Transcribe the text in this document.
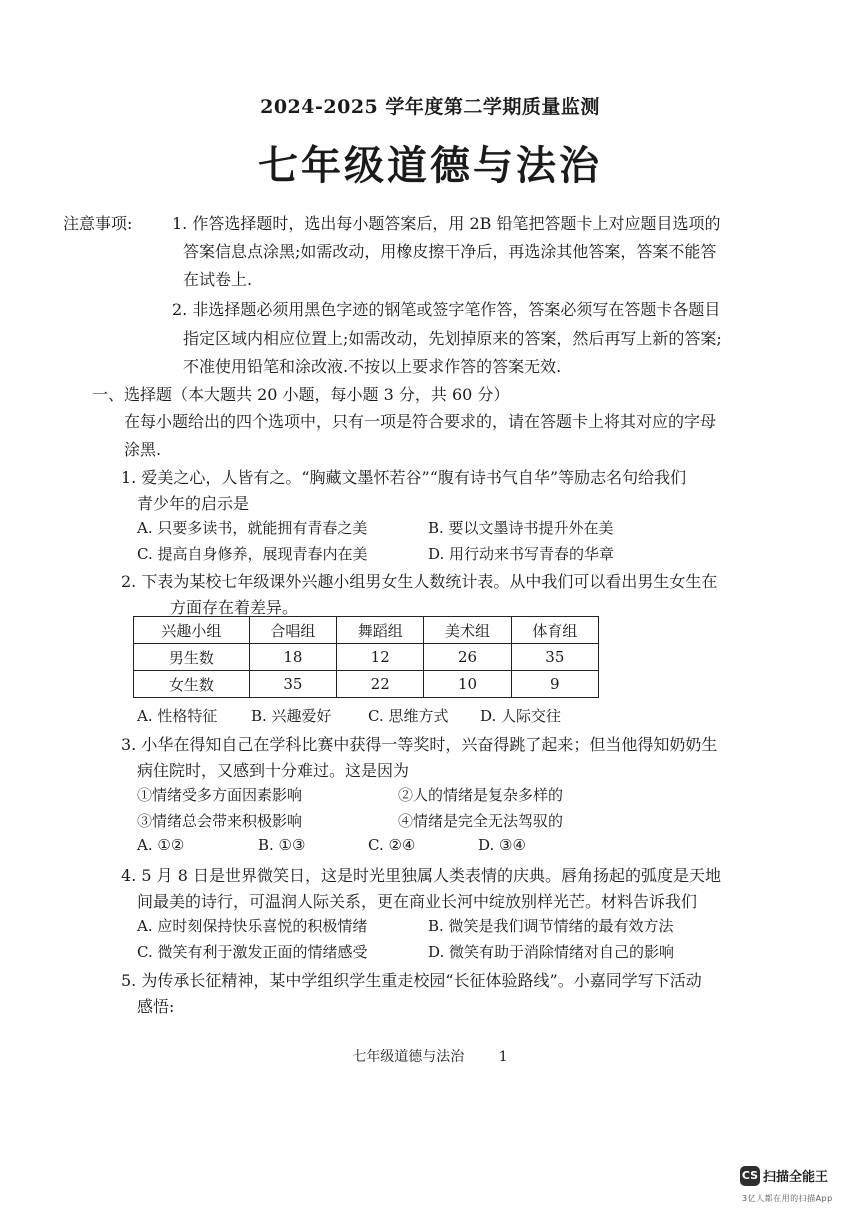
2024-2025 学年度第二学期质量监测
七年级道德与法治
注意事项: 1. 作答选择题时，选出每小题答案后，用 2B 铅笔把答题卡上对应题目选项的
答案信息点涂黑;如需改动，用橡皮擦干净后，再选涂其他答案，答案不能答
在试卷上.
2. 非选择题必须用黑色字迹的钢笔或签字笔作答，答案必须写在答题卡各题目
指定区域内相应位置上;如需改动，先划掉原来的答案，然后再写上新的答案;
不准使用铅笔和涂改液.不按以上要求作答的答案无效.
一、选择题（本大题共 20 小题，每小题 3 分，共 60 分）
在每小题给出的四个选项中，只有一项是符合要求的，请在答题卡上将其对应的字母
涂黑.
1. 爱美之心，人皆有之。“胸藏文墨怀若谷”“腹有诗书气自华”等励志名句给我们
青少年的启示是
A. 只要多读书，就能拥有青春之美	B. 要以文墨诗书提升外在美
C. 提高自身修养，展现青春内在美	D. 用行动来书写青春的华章
2. 下表为某校七年级课外兴趣小组男女生人数统计表。从中我们可以看出男生女生在
方面存在着差异。
兴趣小组	合唱组	舞蹈组	美术组	体育组
男生数	18	12	26	35
女生数	35	22	10	9
A. 性格特征 B. 兴趣爱好 C. 思维方式 D. 人际交往
3. 小华在得知自己在学科比赛中获得一等奖时，兴奋得跳了起来；但当他得知奶奶生
病住院时，又感到十分难过。这是因为
①情绪受多方面因素影响	②人的情绪是复杂多样的
③情绪总会带来积极影响	④情绪是完全无法驾驭的
A. ①②	B. ①③	C. ②④	D. ③④
4. 5 月 8 日是世界微笑日，这是时光里独属人类表情的庆典。唇角扬起的弧度是天地
间最美的诗行，可温润人际关系，更在商业长河中绽放别样光芒。材料告诉我们
A. 应时刻保持快乐喜悦的积极情绪	B. 微笑是我们调节情绪的最有效方法
C. 微笑有利于激发正面的情绪感受	D. 微笑有助于消除情绪对自己的影响
5. 为传承长征精神，某中学组织学生重走校园“长征体验路线”。小嘉同学写下活动
感悟:
七年级道德与法治 1
CS 扫描全能王
3亿人都在用的扫描App
